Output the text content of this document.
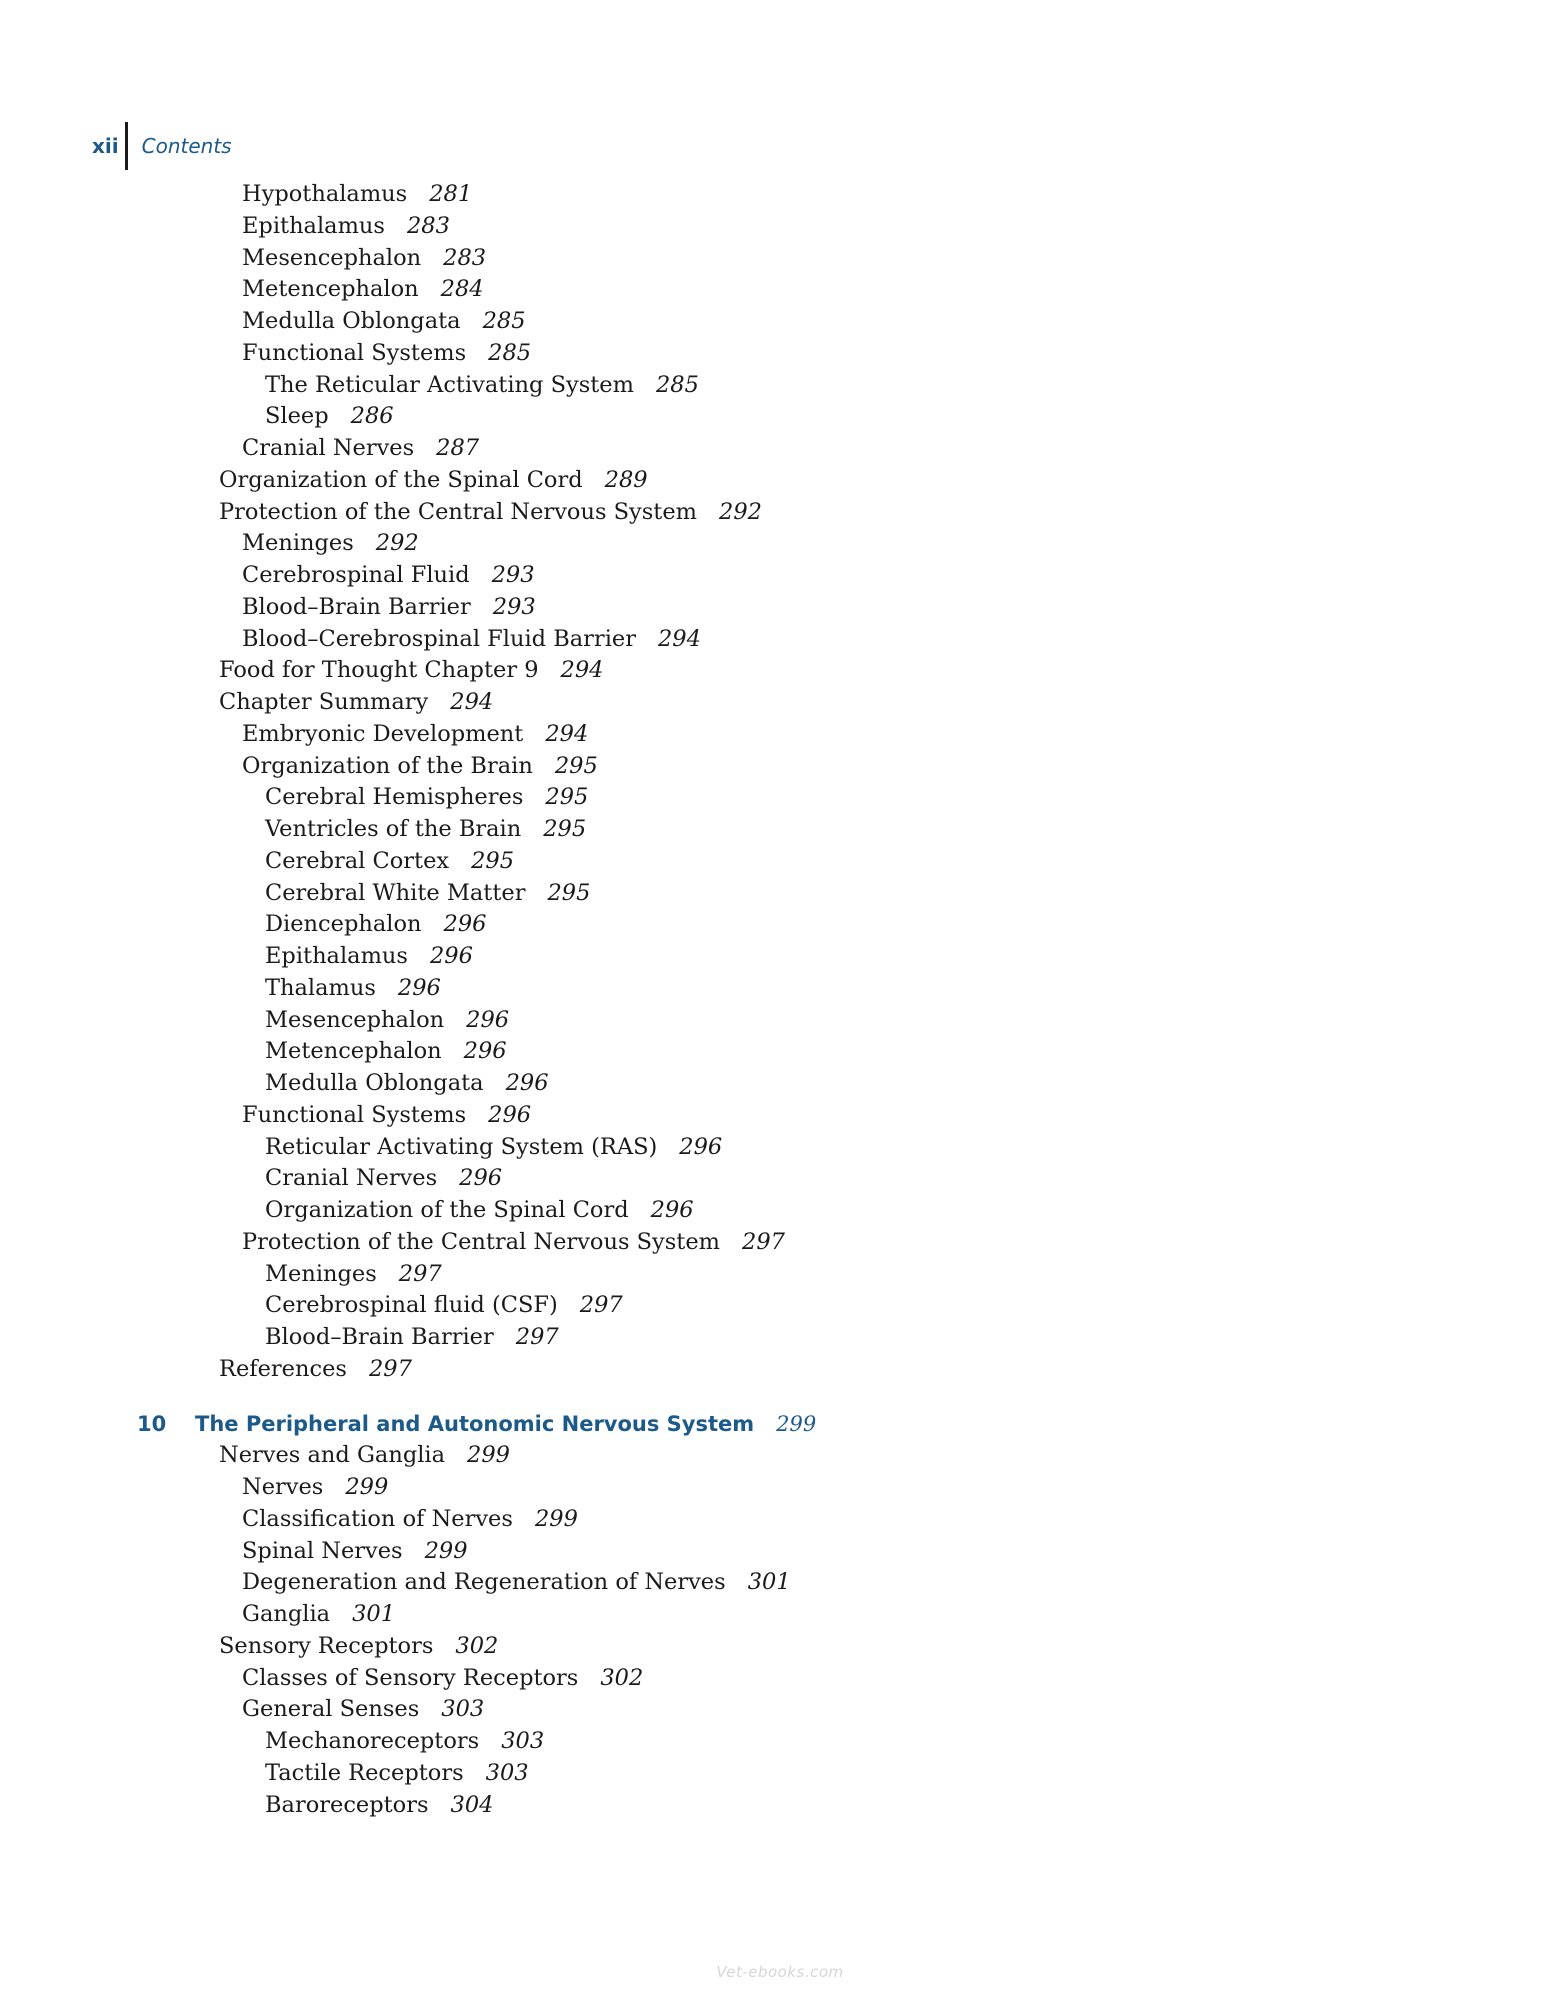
xii Contents
Hypothalamus 281
Epithalamus 283
Mesencephalon 283
Metencephalon 284
Medulla Oblongata 285
Functional Systems 285
The Reticular Activating System 285
Sleep 286
Cranial Nerves 287
Organization of the Spinal Cord 289
Protection of the Central Nervous System 292
Meninges 292
Cerebrospinal Fluid 293
Blood–Brain Barrier 293
Blood–Cerebrospinal Fluid Barrier 294
Food for Thought Chapter 9 294
Chapter Summary 294
Embryonic Development 294
Organization of the Brain 295
Cerebral Hemispheres 295
Ventricles of the Brain 295
Cerebral Cortex 295
Cerebral White Matter 295
Diencephalon 296
Epithalamus 296
Thalamus 296
Mesencephalon 296
Metencephalon 296
Medulla Oblongata 296
Functional Systems 296
Reticular Activating System (RAS) 296
Cranial Nerves 296
Organization of the Spinal Cord 296
Protection of the Central Nervous System 297
Meninges 297
Cerebrospinal fluid (CSF) 297
Blood–Brain Barrier 297
References 297
10 The Peripheral and Autonomic Nervous System 299
Nerves and Ganglia 299
Nerves 299
Classification of Nerves 299
Spinal Nerves 299
Degeneration and Regeneration of Nerves 301
Ganglia 301
Sensory Receptors 302
Classes of Sensory Receptors 302
General Senses 303
Mechanoreceptors 303
Tactile Receptors 303
Baroreceptors 304
Vet-ebooks.com
